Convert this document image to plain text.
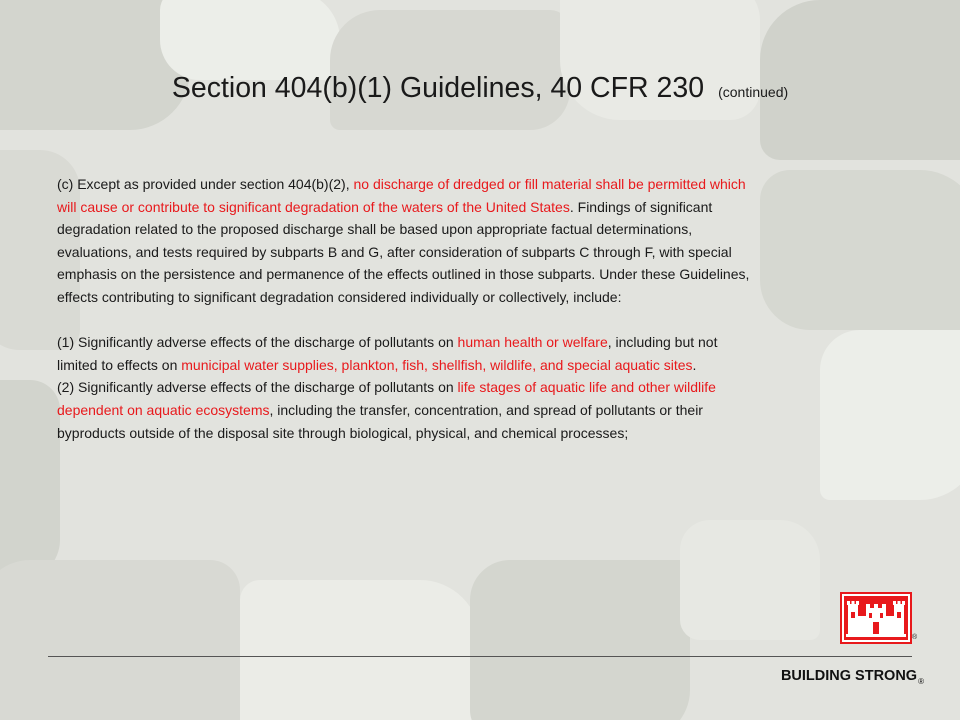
Section 404(b)(1) Guidelines, 40 CFR 230 (continued)

(c) Except as provided under section 404(b)(2), no discharge of dredged or fill material shall be permitted which will cause or contribute to significant degradation of the waters of the United States. Findings of significant degradation related to the proposed discharge shall be based upon appropriate factual determinations, evaluations, and tests required by subparts B and G, after consideration of subparts C through F, with special emphasis on the persistence and permanence of the effects outlined in those subparts. Under these Guidelines, effects contributing to significant degradation considered individually or collectively, include:

(1) Significantly adverse effects of the discharge of pollutants on human health or welfare, including but not limited to effects on municipal water supplies, plankton, fish, shellfish, wildlife, and special aquatic sites.

(2) Significantly adverse effects of the discharge of pollutants on life stages of aquatic life and other wildlife dependent on aquatic ecosystems, including the transfer, concentration, and spread of pollutants or their byproducts outside of the disposal site through biological, physical, and chemical processes;

®
BUILDING $STRONG_®$
